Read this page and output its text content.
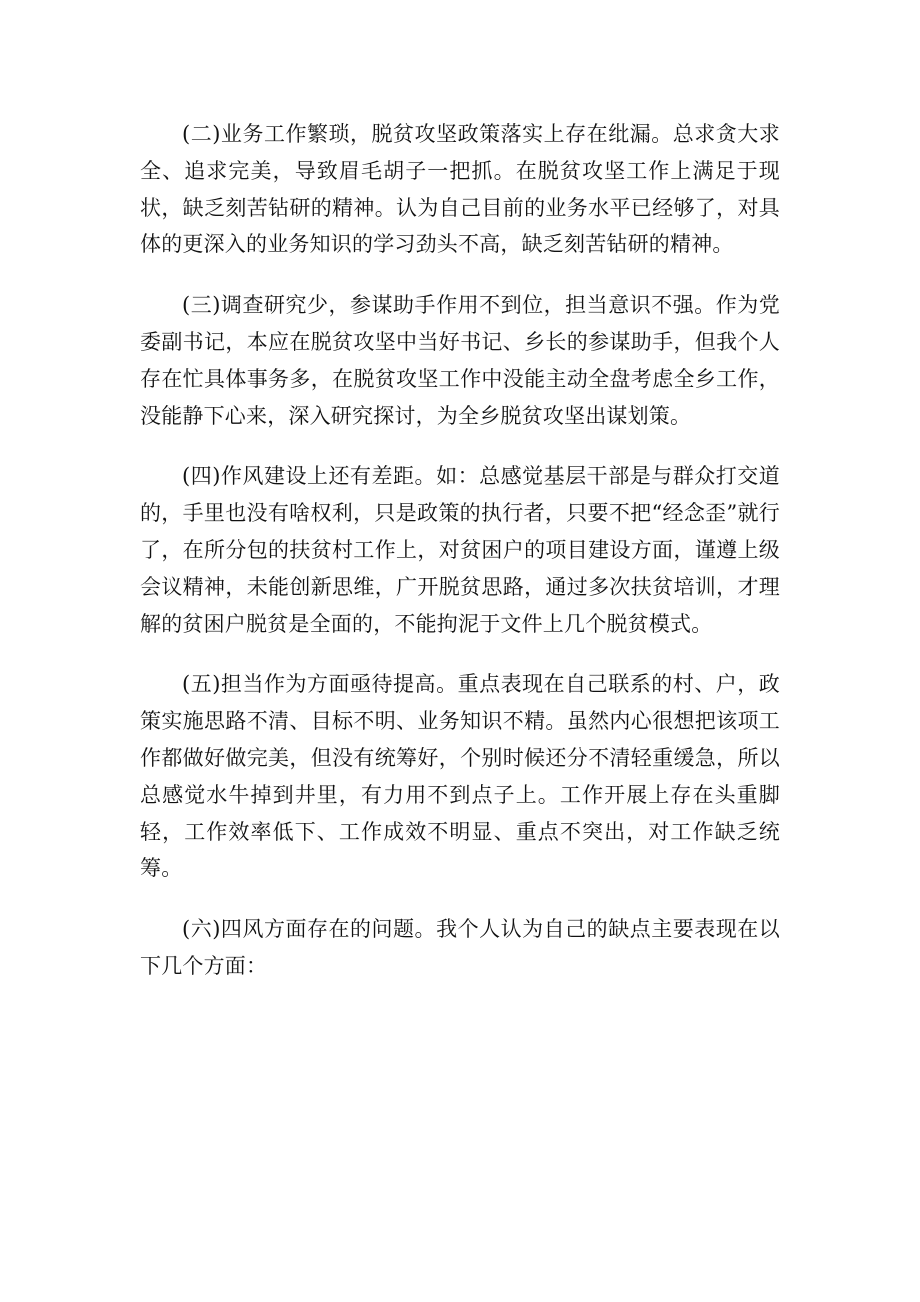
(二)业务工作繁琐，脱贫攻坚政策落实上存在纰漏。总求贪大求全、追求完美，导致眉毛胡子一把抓。在脱贫攻坚工作上满足于现状，缺乏刻苦钻研的精神。认为自己目前的业务水平已经够了，对具体的更深入的业务知识的学习劲头不高，缺乏刻苦钻研的精神。

(三)调查研究少，参谋助手作用不到位，担当意识不强。作为党委副书记，本应在脱贫攻坚中当好书记、乡长的参谋助手，但我个人存在忙具体事务多，在脱贫攻坚工作中没能主动全盘考虑全乡工作，没能静下心来，深入研究探讨，为全乡脱贫攻坚出谋划策。

(四)作风建设上还有差距。如：总感觉基层干部是与群众打交道的，手里也没有啥权利，只是政策的执行者，只要不把“经念歪”就行了，在所分包的扶贫村工作上，对贫困户的项目建设方面，谨遵上级会议精神，未能创新思维，广开脱贫思路，通过多次扶贫培训，才理解的贫困户脱贫是全面的，不能拘泥于文件上几个脱贫模式。

(五)担当作为方面亟待提高。重点表现在自己联系的村、户，政策实施思路不清、目标不明、业务知识不精。虽然内心很想把该项工作都做好做完美，但没有统筹好，个别时候还分不清轻重缓急，所以总感觉水牛掉到井里，有力用不到点子上。工作开展上存在头重脚轻，工作效率低下、工作成效不明显、重点不突出，对工作缺乏统筹。

(六)四风方面存在的问题。我个人认为自己的缺点主要表现在以下几个方面：
